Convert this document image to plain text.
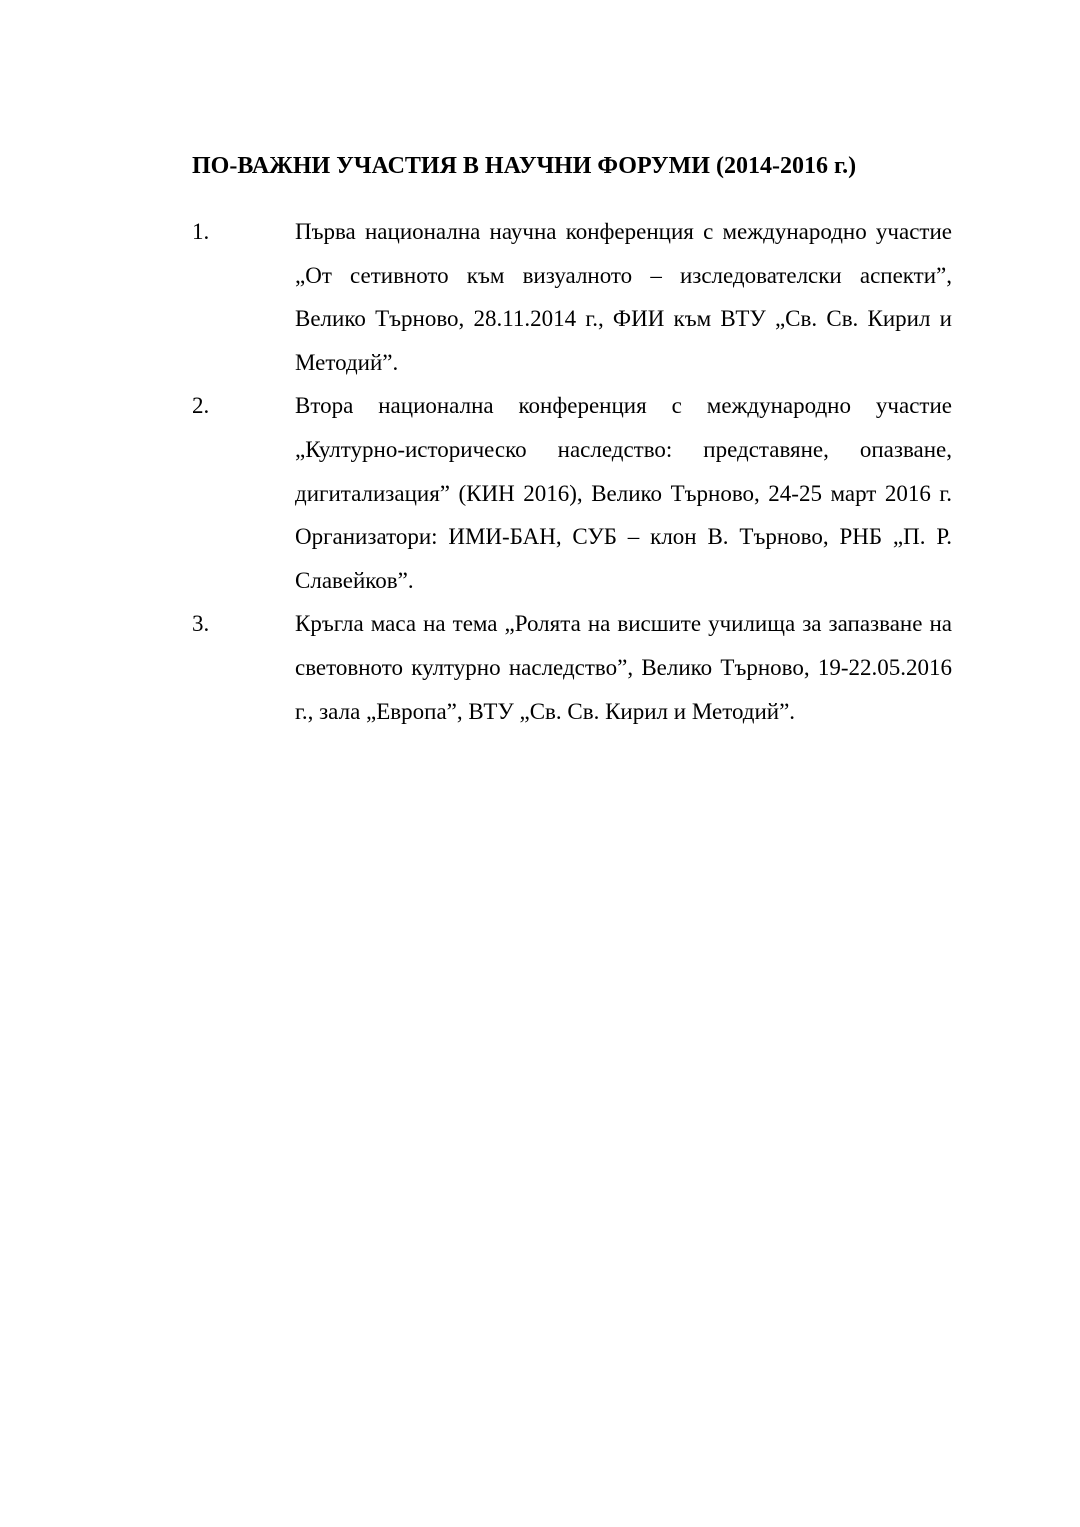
ПО-ВАЖНИ УЧАСТИЯ В НАУЧНИ ФОРУМИ (2014-2016 г.)
1.	Първа национална научна конференция с международно участие „От сетивното към визуалното – изследователски аспекти”, Велико Търново, 28.11.2014 г., ФИИ към ВТУ „Св. Св. Кирил и Методий”.
2.	Втора национална конференция с международно участие „Културно-историческо наследство: представяне, опазване, дигитализация” (КИН 2016), Велико Търново, 24-25 март 2016 г. Организатори: ИМИ-БАН, СУБ – клон В. Търново, РНБ „П. Р. Славейков”.
3.	Кръгла маса на тема „Ролята на висшите училища за запазване на световното културно наследство”, Велико Търново, 19-22.05.2016 г., зала „Европа”, ВТУ „Св. Св. Кирил и Методий”.
